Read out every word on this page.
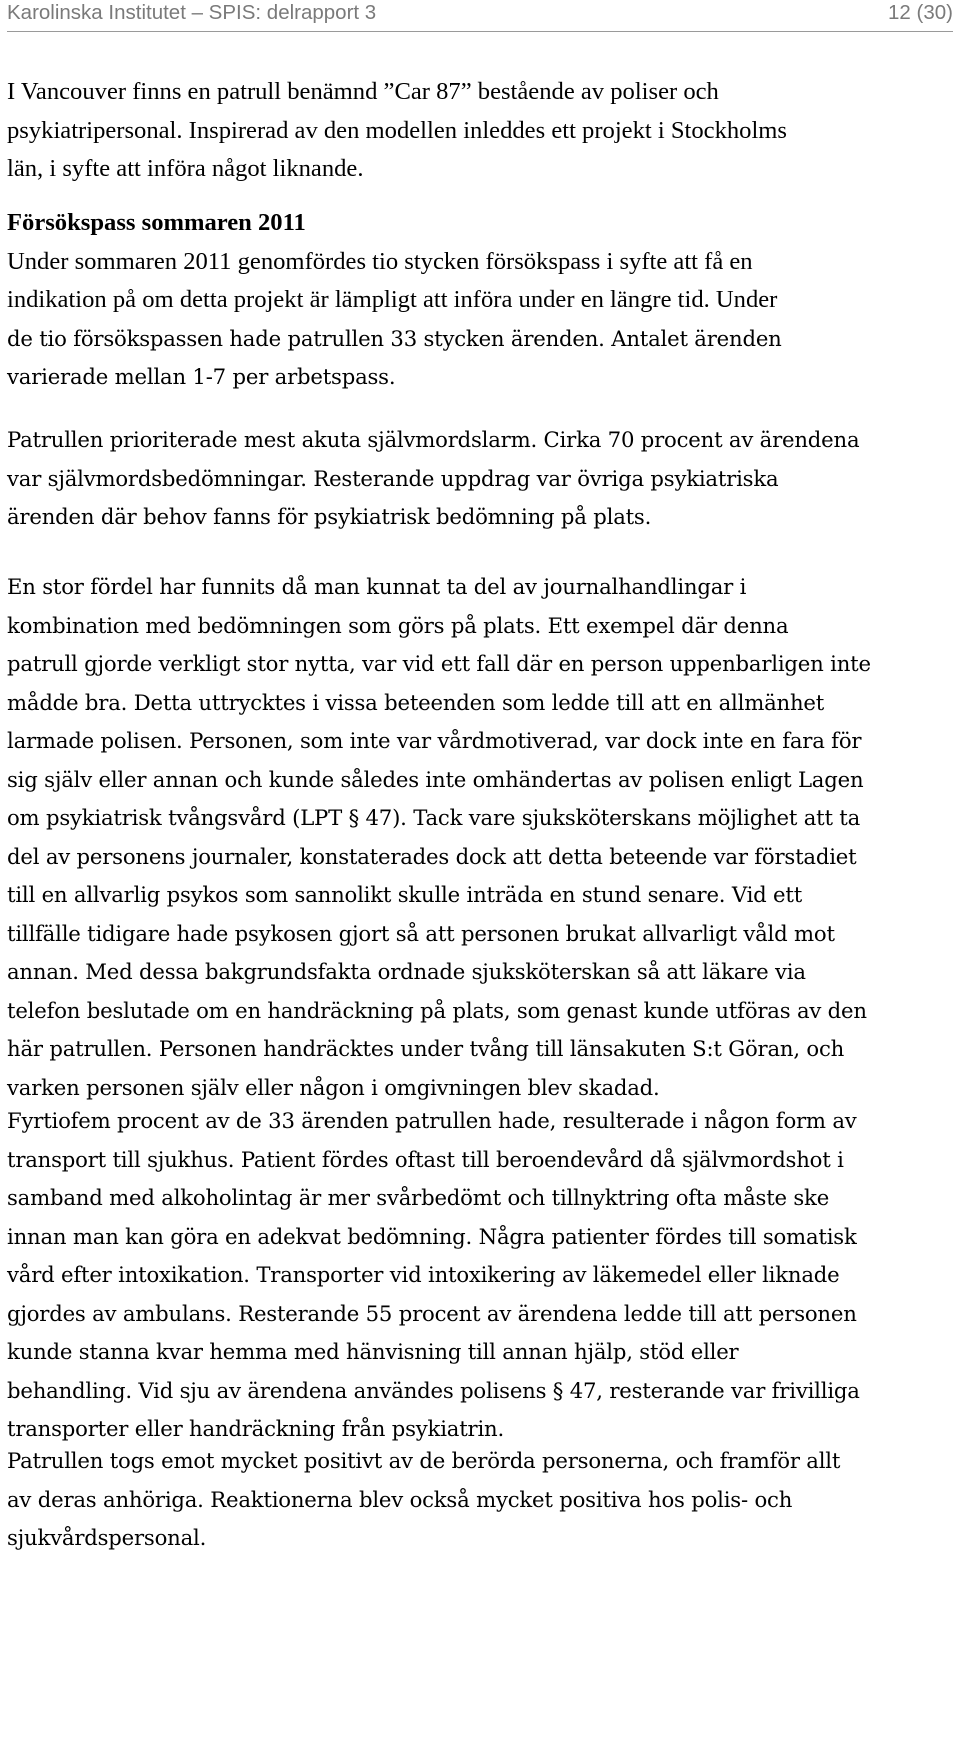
Karolinska Institutet – SPIS: delrapport 3	12 (30)
I Vancouver finns en patrull benämnd ”Car 87” bestående av poliser och
psykiatripersonal. Inspirerad av den modellen inleddes ett projekt i Stockholms
län, i syfte att införa något liknande.
Försökspass sommaren 2011
Under sommaren 2011 genomfördes tio stycken försökspass i syfte att få en
indikation på om detta projekt är lämpligt att införa under en längre tid. Under
de tio försökspassen hade patrullen 33 stycken ärenden. Antalet ärenden
varierade mellan 1-7 per arbetspass.
Patrullen prioriterade mest akuta självmordslarm. Cirka 70 procent av ärendena
var självmordsbedömningar. Resterande uppdrag var övriga psykiatriska
ärenden där behov fanns för psykiatrisk bedömning på plats.
En stor fördel har funnits då man kunnat ta del av journalhandlingar i
kombination med bedömningen som görs på plats. Ett exempel där denna
patrull gjorde verkligt stor nytta, var vid ett fall där en person uppenbarligen inte
mådde bra. Detta uttrycktes i vissa beteenden som ledde till att en allmänhet
larmade polisen. Personen, som inte var vårdmotiverad, var dock inte en fara för
sig själv eller annan och kunde således inte omhändertas av polisen enligt Lagen
om psykiatrisk tvångsvård (LPT § 47). Tack vare sjuksköterskans möjlighet att ta
del av personens journaler, konstaterades dock att detta beteende var förstadiet
till en allvarlig psykos som sannolikt skulle inträda en stund senare. Vid ett
tillfälle tidigare hade psykosen gjort så att personen brukat allvarligt våld mot
annan. Med dessa bakgrundsfakta ordnade sjuksköterskan så att läkare via
telefon beslutade om en handräckning på plats, som genast kunde utföras av den
här patrullen. Personen handräcktes under tvång till länsakuten S:t Göran, och
varken personen själv eller någon i omgivningen blev skadad.
Fyrtiofem procent av de 33 ärenden patrullen hade, resulterade i någon form av
transport till sjukhus. Patient fördes oftast till beroendevård då självmordshot i
samband med alkoholintag är mer svårbedömt och tillnyktring ofta måste ske
innan man kan göra en adekvat bedömning. Några patienter fördes till somatisk
vård efter intoxikation. Transporter vid intoxikering av läkemedel eller liknade
gjordes av ambulans. Resterande 55 procent av ärendena ledde till att personen
kunde stanna kvar hemma med hänvisning till annan hjälp, stöd eller
behandling. Vid sju av ärendena användes polisens § 47, resterande var frivilliga
transporter eller handräckning från psykiatrin.
Patrullen togs emot mycket positivt av de berörda personerna, och framför allt
av deras anhöriga. Reaktionerna blev också mycket positiva hos polis- och
sjukvårdspersonal.
